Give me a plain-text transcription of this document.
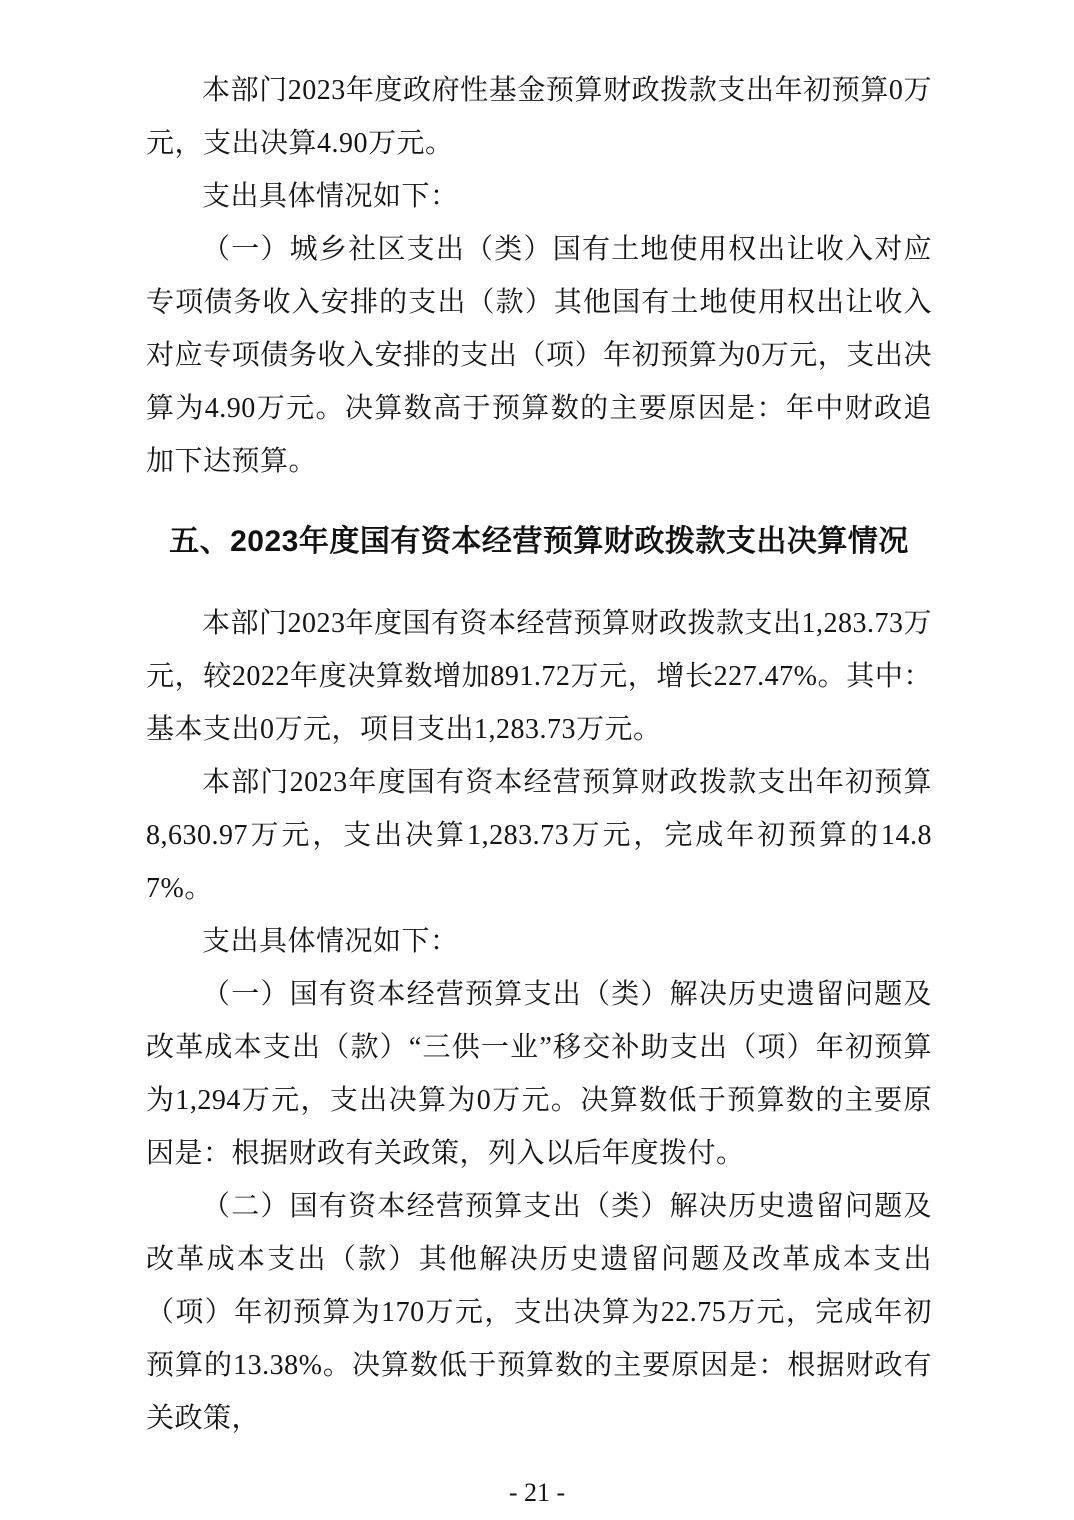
本部门2023年度政府性基金预算财政拨款支出年初预算0万元，支出决算4.90万元。

支出具体情况如下：

（一）城乡社区支出（类）国有土地使用权出让收入对应专项债务收入安排的支出（款）其他国有土地使用权出让收入对应专项债务收入安排的支出（项）年初预算为0万元，支出决算为4.90万元。决算数高于预算数的主要原因是：年中财政追加下达预算。

五、2023年度国有资本经营预算财政拨款支出决算情况

本部门2023年度国有资本经营预算财政拨款支出1,283.73万元，较2022年度决算数增加891.72万元，增长227.47%。其中：基本支出0万元，项目支出1,283.73万元。

本部门2023年度国有资本经营预算财政拨款支出年初预算8,630.97万元，支出决算1,283.73万元，完成年初预算的14.87%。

支出具体情况如下：

（一）国有资本经营预算支出（类）解决历史遗留问题及改革成本支出（款）“三供一业”移交补助支出（项）年初预算为1,294万元，支出决算为0万元。决算数低于预算数的主要原因是：根据财政有关政策，列入以后年度拨付。

（二）国有资本经营预算支出（类）解决历史遗留问题及改革成本支出（款）其他解决历史遗留问题及改革成本支出（项）年初预算为170万元，支出决算为22.75万元，完成年初预算的13.38%。决算数低于预算数的主要原因是：根据财政有关政策，

- 21 -
